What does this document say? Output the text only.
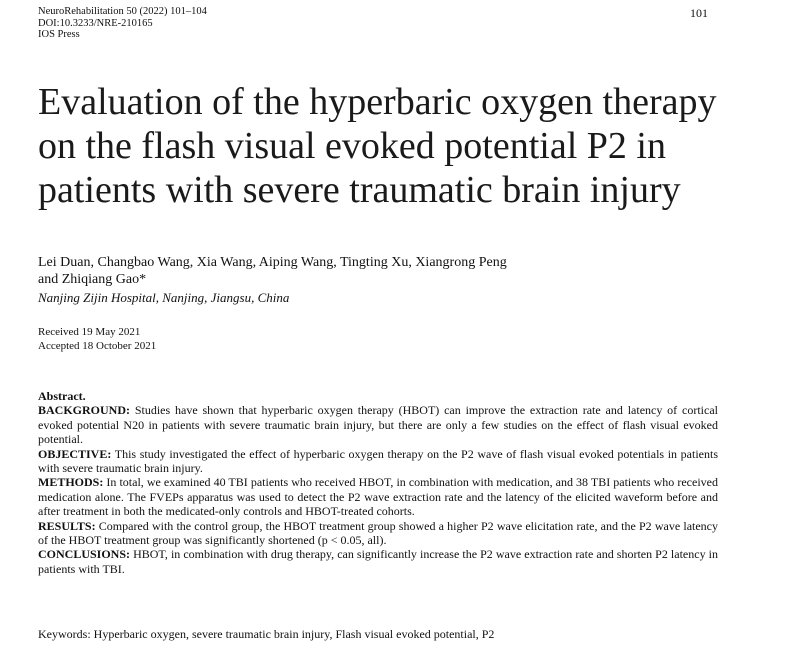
NeuroRehabilitation 50 (2022) 101–104
DOI:10.3233/NRE-210165
IOS Press
101
Evaluation of the hyperbaric oxygen therapy
on the flash visual evoked potential P2 in
patients with severe traumatic brain injury
Lei Duan, Changbao Wang, Xia Wang, Aiping Wang, Tingting Xu, Xiangrong Peng
and Zhiqiang Gao*
Nanjing Zijin Hospital, Nanjing, Jiangsu, China
Received 19 May 2021
Accepted 18 October 2021

Abstract.

BACKGROUND: Studies have shown that hyperbaric oxygen therapy (HBOT) can improve the extraction rate and latency of cortical evoked potential N20 in patients with severe traumatic brain injury, but there are only a few studies on the effect of flash visual evoked potential.

OBJECTIVE: This study investigated the effect of hyperbaric oxygen therapy on the P2 wave of flash visual evoked potentials in patients with severe traumatic brain injury.

METHODS: In total, we examined 40 TBI patients who received HBOT, in combination with medication, and 38 TBI patients who received medication alone. The FVEPs apparatus was used to detect the P2 wave extraction rate and the latency of the elicited waveform before and after treatment in both the medicated-only controls and HBOT-treated cohorts.

RESULTS: Compared with the control group, the HBOT treatment group showed a higher P2 wave elicitation rate, and the P2 wave latency of the HBOT treatment group was significantly shortened (p < 0.05, all).

CONCLUSIONS: HBOT, in combination with drug therapy, can significantly increase the P2 wave extraction rate and shorten P2 latency in patients with TBI.

Keywords: Hyperbaric oxygen, severe traumatic brain injury, Flash visual evoked potential, P2
